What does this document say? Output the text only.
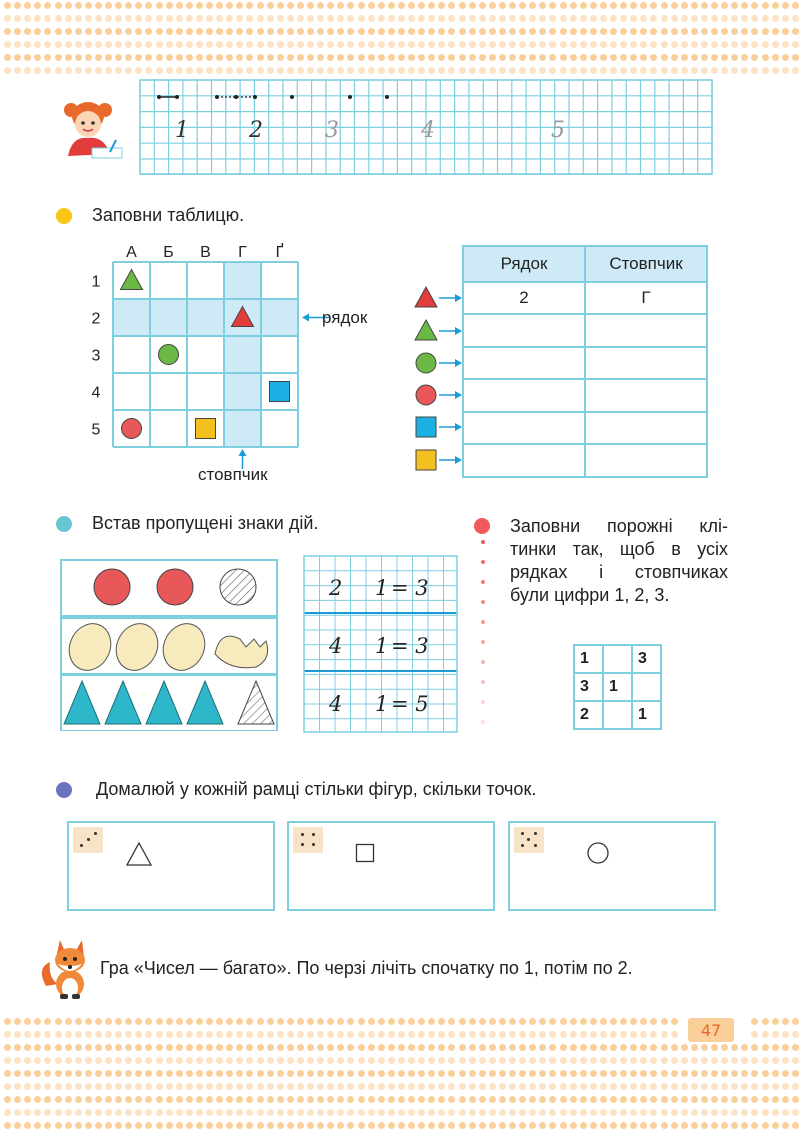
1	2	3	4	5
Заповни таблицю.
А Б В Г Ґ
1
2
3
4
5
рядок
стовпчик
Рядок	Стовпчик
2	Г

Встав пропущені знаки дій.
2 1 = 3
4 1 = 3
4 1 = 5
Заповни порожні клі-
тинки так, щоб в усіх
рядках і стовпчиках
були цифри 1, 2, 3.
1		3
3	1	
2		1
Домалюй у кожній рамці стільки фігур, скільки точок.
Гра «Чисел — багато». По черзі лічіть спочатку по 1, потім по 2.
47
